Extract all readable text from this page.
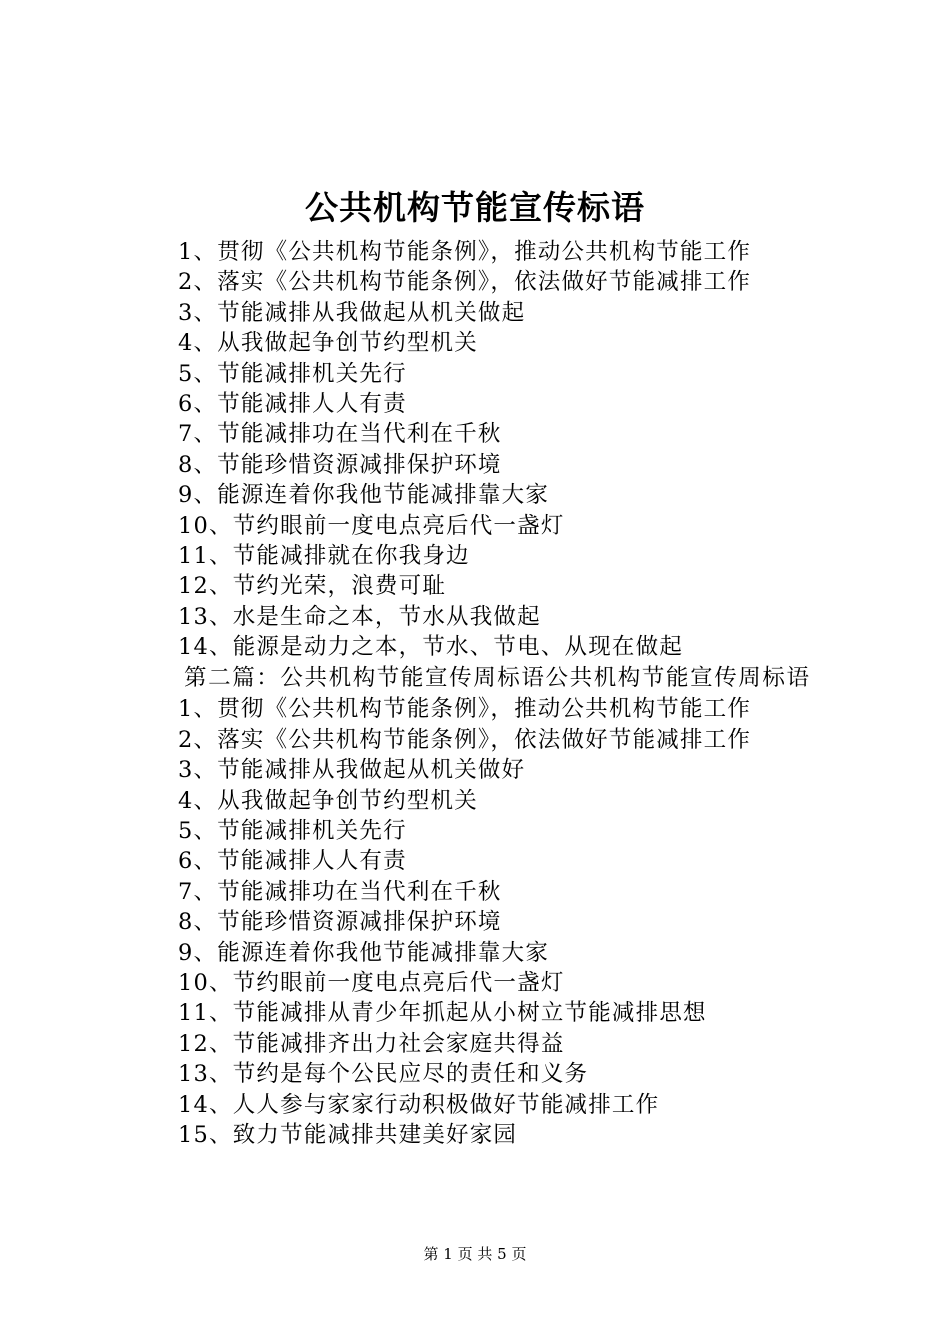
公共机构节能宣传标语
1、贯彻《公共机构节能条例》，推动公共机构节能工作
2、落实《公共机构节能条例》，依法做好节能减排工作
3、节能减排从我做起从机关做起
4、从我做起争创节约型机关
5、节能减排机关先行
6、节能减排人人有责
7、节能减排功在当代利在千秋
8、节能珍惜资源减排保护环境
9、能源连着你我他节能减排靠大家
10、节约眼前一度电点亮后代一盏灯
11、节能减排就在你我身边
12、节约光荣，浪费可耻
13、水是生命之本，节水从我做起
14、能源是动力之本，节水、节电、从现在做起
第二篇：公共机构节能宣传周标语公共机构节能宣传周标语
1、贯彻《公共机构节能条例》，推动公共机构节能工作
2、落实《公共机构节能条例》，依法做好节能减排工作
3、节能减排从我做起从机关做好
4、从我做起争创节约型机关
5、节能减排机关先行
6、节能减排人人有责
7、节能减排功在当代利在千秋
8、节能珍惜资源减排保护环境
9、能源连着你我他节能减排靠大家
10、节约眼前一度电点亮后代一盏灯
11、节能减排从青少年抓起从小树立节能减排思想
12、节能减排齐出力社会家庭共得益
13、节约是每个公民应尽的责任和义务
14、人人参与家家行动积极做好节能减排工作
15、致力节能减排共建美好家园
第 1 页 共 5 页
